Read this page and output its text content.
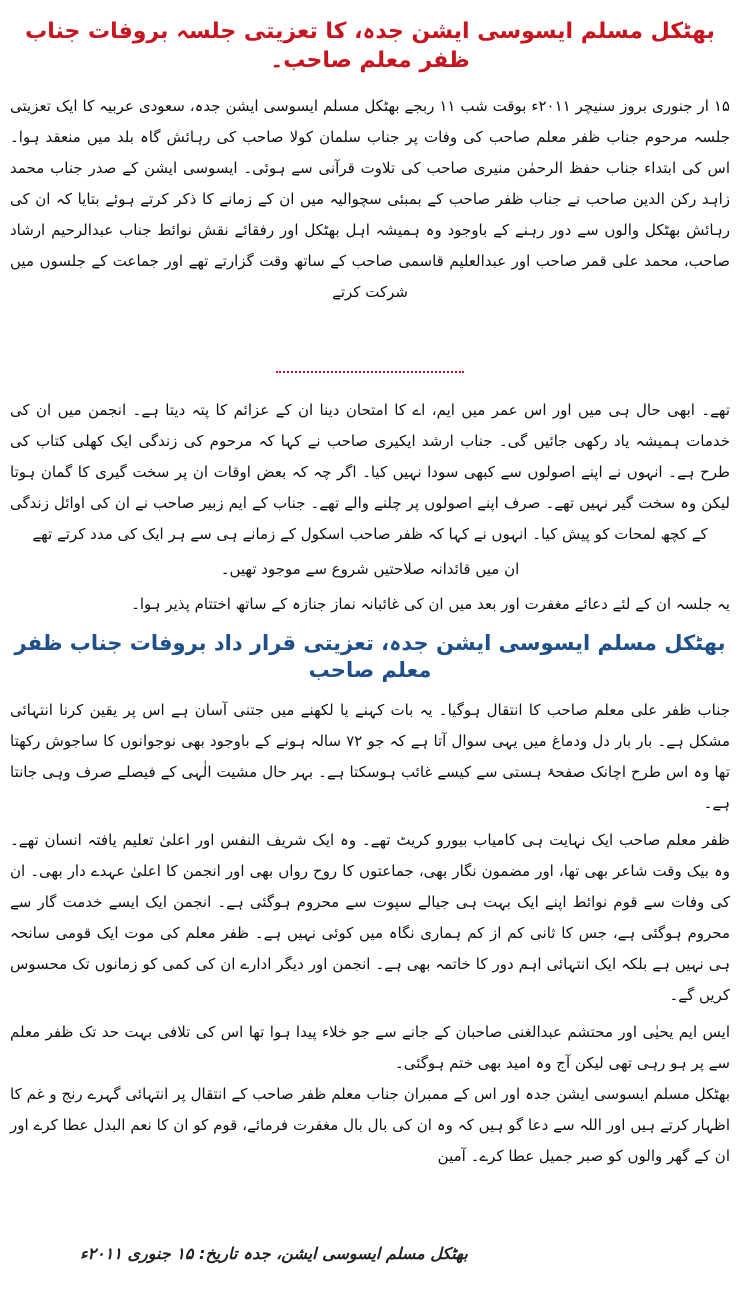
بھٹکل مسلم ایسوسی ایشن جدہ، کا تعزیتی جلسہ بروفات جناب ظفر معلم صاحب۔

۱۵ ار جنوری بروز سنیچر ۲۰۱۱ء بوقت شب ۱۱ ربجے بھٹکل مسلم ایسوسی ایشن جدہ، سعودی عربیہ کا ایک تعزیتی جلسہ مرحوم جناب ظفر معلم صاحب کی وفات پر جناب سلمان کولا صاحب کی رہائش گاہ بلد میں منعقد ہوا۔ اس کی ابتداء جناب حفظ الرحمٰن منیری صاحب کی تلاوت قرآنی سے ہوئی۔ ایسوسی ایشن کے صدر جناب محمد زاہد رکن الدین صاحب نے جناب ظفر صاحب کے بمبئی سچوالیہ میں ان کے زمانے کا ذکر کرتے ہوئے بتایا کہ ان کی رہائش بھٹکل والوں سے دور رہنے کے باوجود وہ ہمیشہ اہل بھٹکل اور رفقائے نقش نوائط جناب عبدالرحیم ارشاد صاحب، محمد علی قمر صاحب اور عبدالعلیم قاسمی صاحب کے ساتھ وقت گزارتے تھے اور جماعت کے جلسوں میں شرکت کرتے

تھے۔ ابھی حال ہی میں اور اس عمر میں ایم، اے کا امتحان دینا ان کے عزائم کا پتہ دیتا ہے۔ انجمن میں ان کی خدمات ہمیشہ یاد رکھی جائیں گی۔ جناب ارشد ایکیری صاحب نے کہا کہ مرحوم کی زندگی ایک کھلی کتاب کی طرح ہے۔ انہوں نے اپنے اصولوں سے کبھی سودا نہیں کیا۔ اگر چہ کہ بعض اوقات ان پر سخت گیری کا گمان ہوتا لیکن وہ سخت گیر نہیں تھے۔ صرف اپنے اصولوں پر چلنے والے تھے۔ جناب کے ایم زبیر صاحب نے ان کی اوائل زندگی کے کچھ لمحات کو پیش کیا۔ انہوں نے کہا کہ ظفر صاحب اسکول کے زمانے ہی سے ہر ایک کی مدد کرتے تھے

ان میں قائدانہ صلاحتیں شروع سے موجود تھیں۔

یہ جلسہ ان کے لئے دعائے مغفرت اور بعد میں ان کی غائبانہ نماز جنازہ کے ساتھ اختتام پذیر ہوا۔

بھٹکل مسلم ایسوسی ایشن جدہ، تعزیتی قرار داد بروفات جناب ظفر معلم صاحب

جناب ظفر علی معلم صاحب کا انتقال ہوگیا۔ یہ بات کہنے یا لکھنے میں جتنی آسان ہے اس پر یقین کرنا انتہائی مشکل ہے۔ بار بار دل ودماغ میں یہی سوال آتا ہے کہ جو ۷۲ سالہ ہونے کے باوجود بھی نوجوانوں کا ساجوش رکھتا تھا وہ اس طرح اچانک صفحۂ ہستی سے کیسے غائب ہوسکتا ہے۔ بہر حال مشیت الٰہی کے فیصلے صرف وہی جانتا ہے۔

ظفر معلم صاحب ایک نہایت ہی کامیاب بیورو کریٹ تھے۔ وہ ایک شریف النفس اور اعلیٰ تعلیم یافتہ انسان تھے۔ وہ بیک وقت شاعر بھی تھا، اور مضمون نگار بھی، جماعتوں کا روح رواں بھی اور انجمن کا اعلیٰ عہدے دار بھی۔ ان کی وفات سے قوم نوائط اپنے ایک بہت ہی جیالے سپوت سے محروم ہوگئی ہے۔ انجمن ایک ایسے خدمت گار سے محروم ہوگئی ہے، جس کا ثانی کم از کم ہماری نگاہ میں کوئی نہیں ہے۔ ظفر معلم کی موت ایک قومی سانحہ ہی نہیں ہے بلکہ ایک انتہائی اہم دور کا خاتمہ بھی ہے۔ انجمن اور دیگر ادارے ان کی کمی کو زمانوں تک محسوس کریں گے۔

ایس ایم یحیٰی اور محتشم عبدالغنی صاحبان کے جانے سے جو خلاء پیدا ہوا تھا اس کی تلافی بہت حد تک ظفر معلم سے پر ہو رہی تھی لیکن آج وہ امید بھی ختم ہوگئی۔

بھٹکل مسلم ایسوسی ایشن جدہ اور اس کے ممبران جناب معلم ظفر صاحب کے انتقال پر انتہائی گہرے رنج و غم کا اظہار کرتے ہیں اور اللہ سے دعا گو ہیں کہ وہ ان کی بال بال مغفرت فرمائے، قوم کو ان کا نعم البدل عطا کرے اور ان کے گھر والوں کو صبر جمیل عطا کرے۔ آمین

بھٹکل مسلم ایسوسی ایشن، جدہ تاریخ: ۱۵ جنوری ۲۰۱۱ء
